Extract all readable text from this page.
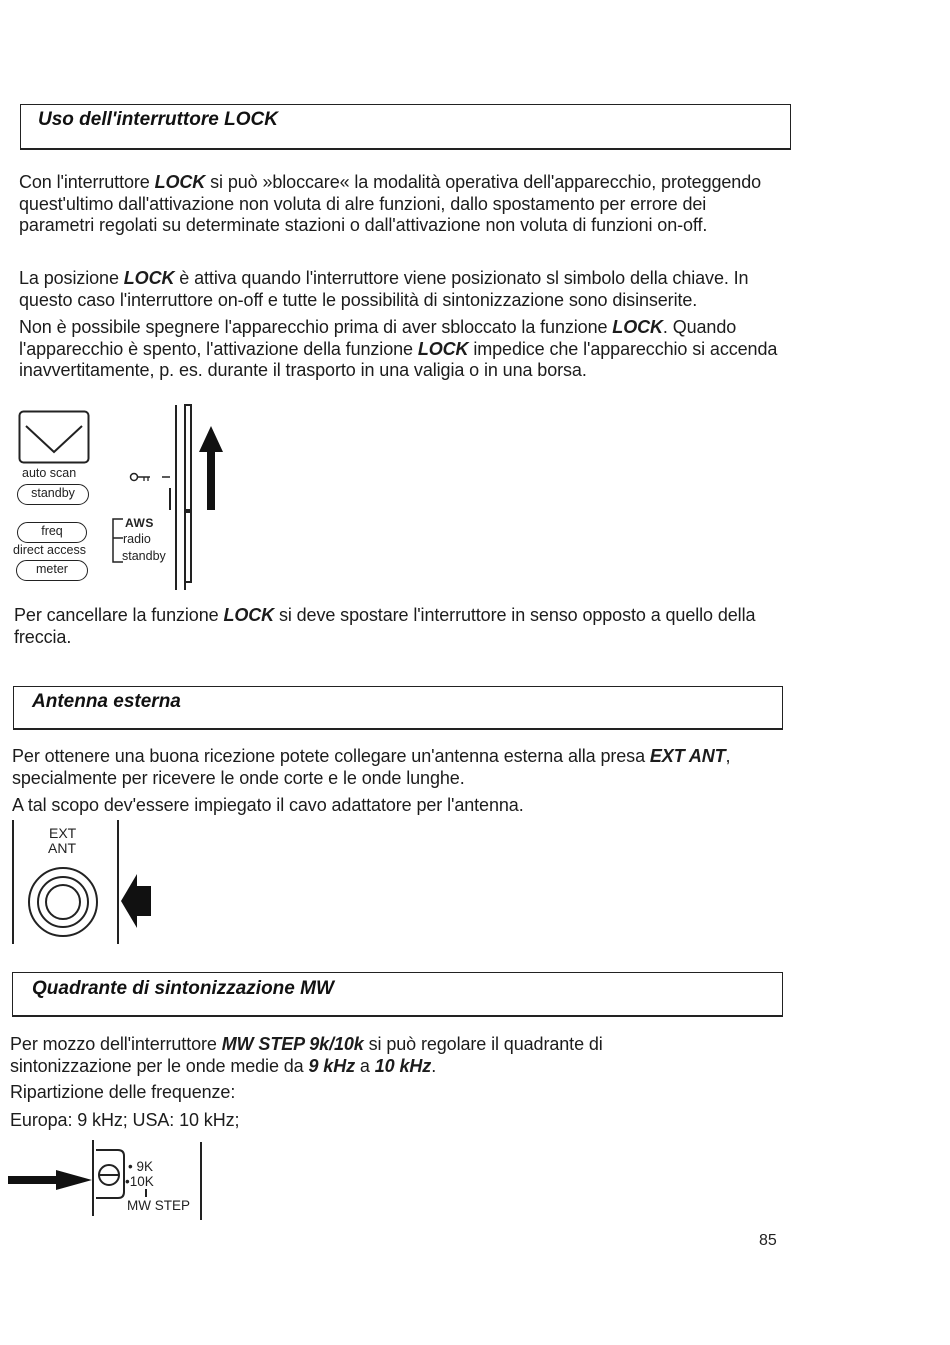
Uso dell'interruttore LOCK

Con l'interruttore LOCK si può »bloccare« la modalità operativa dell'apparecchio, proteggendo quest'ultimo dall'attivazione non voluta di alre funzioni, dallo spostamento per errore dei parametri regolati su determinate stazioni o dall'attivazione non voluta di funzioni on-off.

La posizione LOCK è attiva quando l'interruttore viene posizionato sl simbolo della chiave. In questo caso l'interruttore on-off e tutte le possibilità di sintonizzazione sono disinserite.

Non è possibile spegnere l'apparecchio prima di aver sbloccato la funzione LOCK. Quando l'apparecchio è spento, l'attivazione della funzione LOCK impedice che l'apparecchio si accenda inavvertitamente, p. es. durante il trasporto in una valigia o in una borsa.

auto scan
standby
freq
direct access
meter
AWS
radio
standby

Per cancellare la funzione LOCK si deve spostare l'interruttore in senso opposto a quello della freccia.

Antenna esterna

Per ottenere una buona ricezione potete collegare un'antenna esterna alla presa EXT ANT, specialmente per ricevere le onde corte e le onde lunghe.

A tal scopo dev'essere impiegato il cavo adattatore per l'antenna.

EXT
ANT
Quadrante di sintonizzazione MW

Per mozzo dell'interruttore MW STEP 9k/10k si può regolare il quadrante di sintonizzazione per le onde medie da 9 kHz a 10 kHz.

Ripartizione delle frequenze:

Europa: 9 kHz; USA: 10 kHz;

• 9K
•10K
MW STEP
85
